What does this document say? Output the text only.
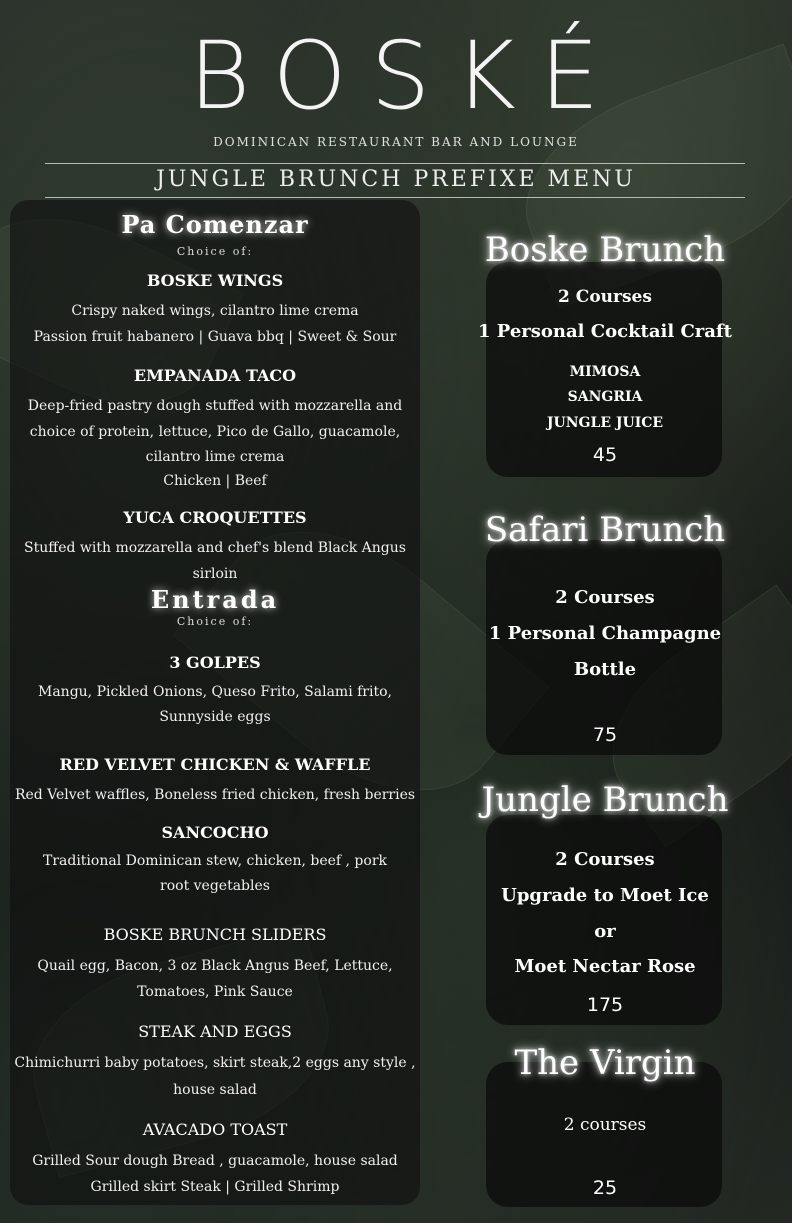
BOSKÉ
DOMINICAN RESTAURANT BAR AND LOUNGE
JUNGLE BRUNCH PREFIXE MENU
Pa Comenzar
Choice of:
BOSKE WINGS
Crispy naked wings, cilantro lime crema
Passion fruit habanero | Guava bbq | Sweet & Sour
EMPANADA TACO
Deep-fried pastry dough stuffed with mozzarella and
choice of protein, lettuce, Pico de Gallo, guacamole,
cilantro lime crema
Chicken | Beef
YUCA CROQUETTES
Stuffed with mozzarella and chef's blend Black Angus sirloin
Entrada
Choice of:
3 GOLPES
Mangu, Pickled Onions, Queso Frito, Salami frito,
Sunnyside eggs
RED VELVET CHICKEN & WAFFLE
Red Velvet waffles, Boneless fried chicken, fresh berries
SANCOCHO
Traditional Dominican stew, chicken, beef , pork
root vegetables
BOSKE BRUNCH SLIDERS
Quail egg, Bacon, 3 oz Black Angus Beef, Lettuce,
Tomatoes, Pink Sauce
STEAK AND EGGS
Chimichurri baby potatoes, skirt steak,2 eggs any style ,
house salad
AVACADO TOAST
Grilled Sour dough Bread , guacamole, house salad
Grilled skirt Steak | Grilled Shrimp
Boske Brunch
2 Courses
1 Personal Cocktail Craft
MIMOSA
SANGRIA
JUNGLE JUICE
45
Safari Brunch
2 Courses
1 Personal Champagne
Bottle
75
Jungle Brunch
2 Courses
Upgrade to Moet Ice
or
Moet Nectar Rose
175
The Virgin
2 courses
25
